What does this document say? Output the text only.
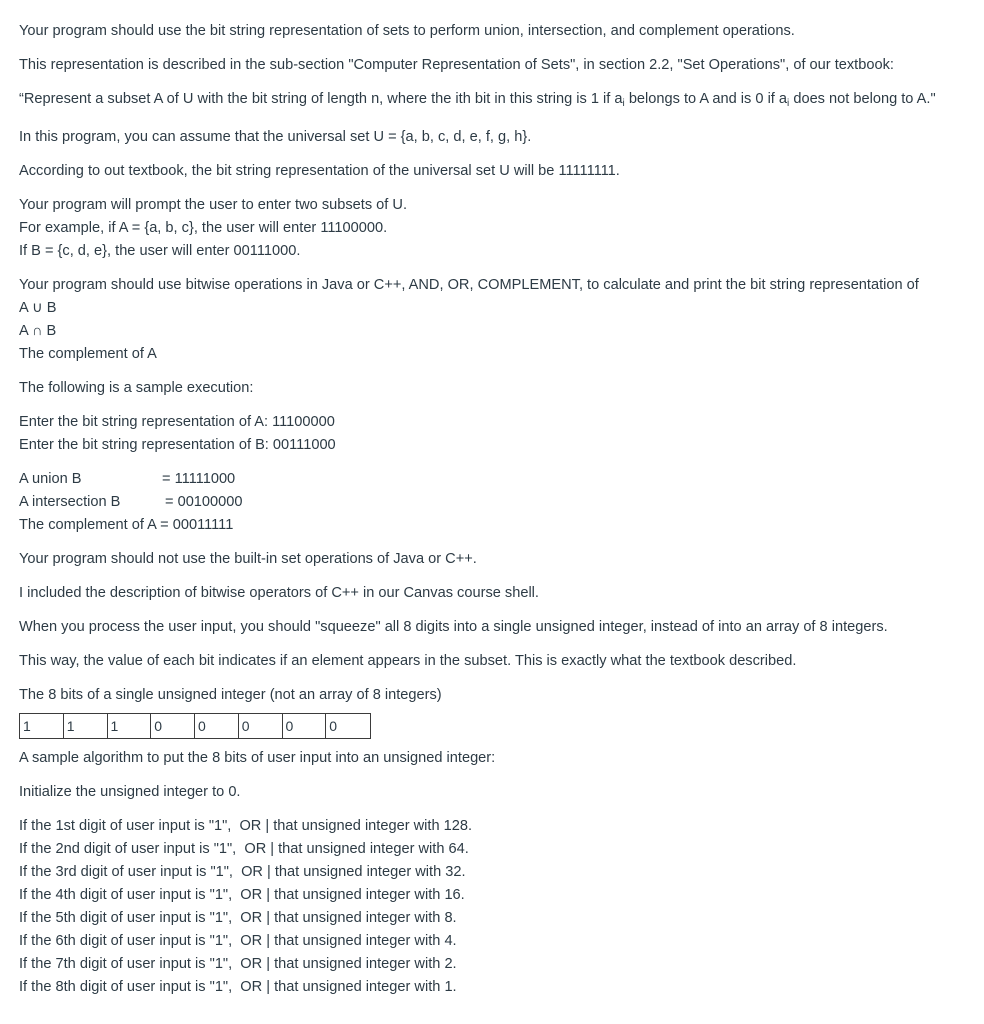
Your program should use the bit string representation of sets to perform union, intersection, and complement operations.

This representation is described in the sub-section "Computer Representation of Sets", in section 2.2, "Set Operations", of our textbook:

“Represent a subset A of U with the bit string of length n, where the ith bit in this string is 1 if $a_i$ belongs to A and is 0 if $a_i$ does not belong to A."

In this program, you can assume that the universal set U = {a, b, c, d, e, f, g, h}.

According to out textbook, the bit string representation of the universal set U will be 11111111.

Your program will prompt the user to enter two subsets of U.

For example, if A = {a, b, c}, the user will enter 11100000.

If B = {c, d, e}, the user will enter 00111000.

Your program should use bitwise operations in Java or C++, AND, OR, COMPLEMENT, to calculate and print the bit string representation of

A ∪ B

A ∩ B

The complement of A

The following is a sample execution:

Enter the bit string representation of A: 11100000

Enter the bit string representation of B: 00111000

A union B	= 11111000

A intersection B	= 00100000

The complement of A = 00011111

Your program should not use the built-in set operations of Java or C++.

I included the description of bitwise operators of C++ in our Canvas course shell.

When you process the user input, you should "squeeze" all 8 digits into a single unsigned integer, instead of into an array of 8 integers.

This way, the value of each bit indicates if an element appears in the subset. This is exactly what the textbook described.

The 8 bits of a single unsigned integer (not an array of 8 integers)

1	1	1	0	0	0	0	0

A sample algorithm to put the 8 bits of user input into an unsigned integer:

Initialize the unsigned integer to 0.

If the 1st digit of user input is "1",  OR | that unsigned integer with 128.

If the 2nd digit of user input is "1",  OR | that unsigned integer with 64.

If the 3rd digit of user input is "1",  OR | that unsigned integer with 32.

If the 4th digit of user input is "1",  OR | that unsigned integer with 16.

If the 5th digit of user input is "1",  OR | that unsigned integer with 8.

If the 6th digit of user input is "1",  OR | that unsigned integer with 4.

If the 7th digit of user input is "1",  OR | that unsigned integer with 2.

If the 8th digit of user input is "1",  OR | that unsigned integer with 1.
